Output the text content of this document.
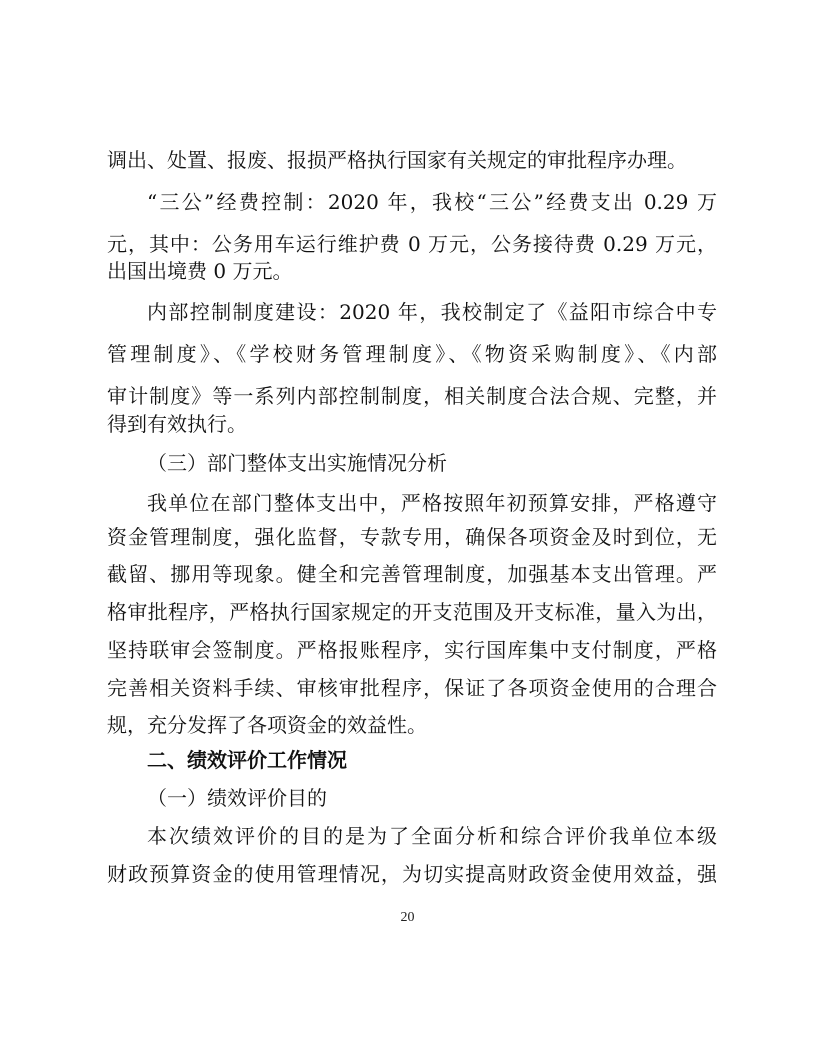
调出、处置、报废、报损严格执行国家有关规定的审批程序办理。
“三公”经费控制：2020 年，我校“三公”经费支出 0.29 万
元，其中：公务用车运行维护费 0 万元，公务接待费 0.29 万元，
出国出境费 0 万元。
内部控制制度建设：2020 年，我校制定了《益阳市综合中专
管理制度》、《学校财务管理制度》、《物资采购制度》、《内部
审计制度》等一系列内部控制制度，相关制度合法合规、完整，并
得到有效执行。
（三）部门整体支出实施情况分析
我单位在部门整体支出中，严格按照年初预算安排，严格遵守
资金管理制度，强化监督，专款专用，确保各项资金及时到位，无
截留、挪用等现象。健全和完善管理制度，加强基本支出管理。严
格审批程序，严格执行国家规定的开支范围及开支标准，量入为出，
坚持联审会签制度。严格报账程序，实行国库集中支付制度，严格
完善相关资料手续、审核审批程序，保证了各项资金使用的合理合
规，充分发挥了各项资金的效益性。
二、绩效评价工作情况
（一）绩效评价目的
本次绩效评价的目的是为了全面分析和综合评价我单位本级
财政预算资金的使用管理情况，为切实提高财政资金使用效益，强
20
